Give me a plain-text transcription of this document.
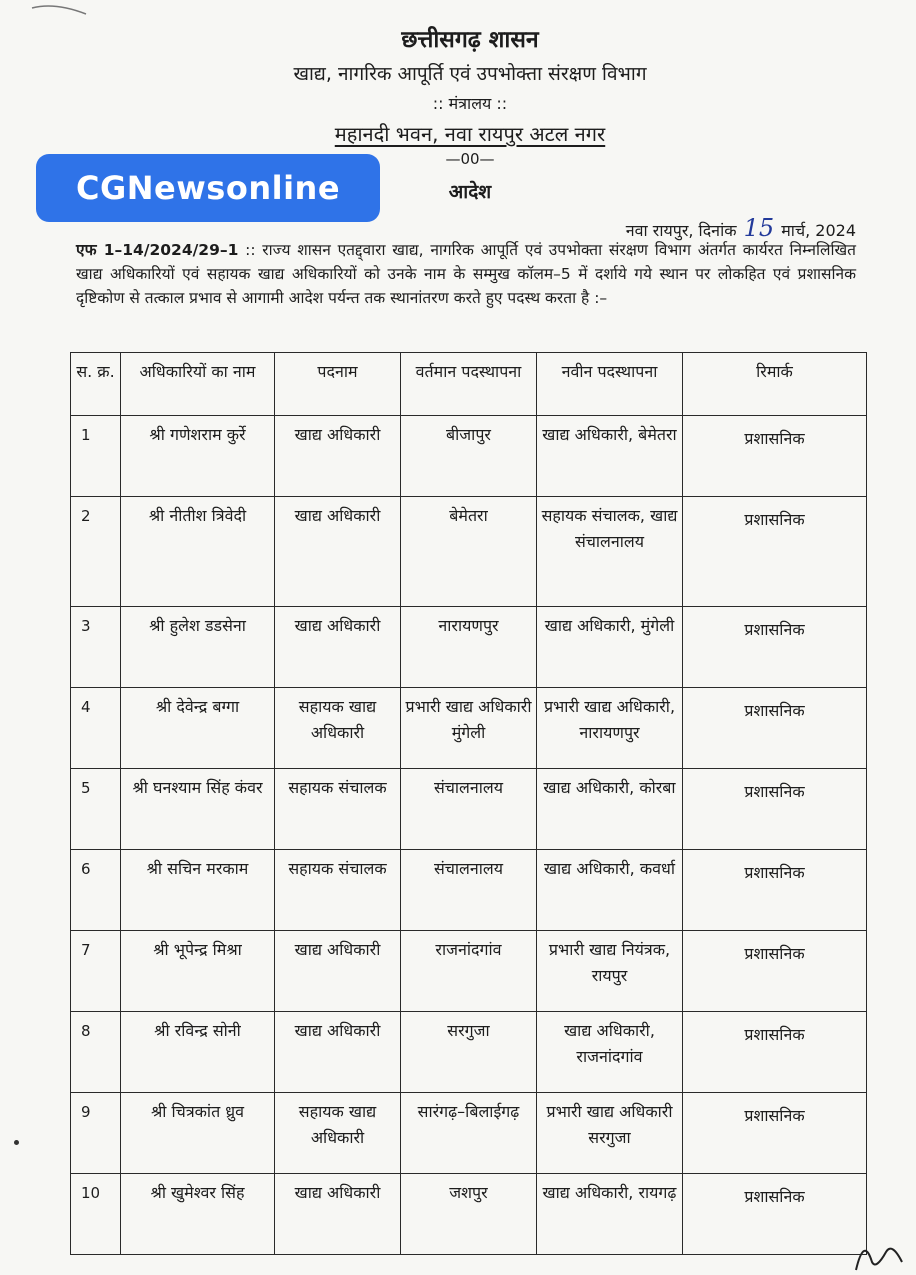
छत्तीसगढ़ शासन
खाद्य, नागरिक आपूर्ति एवं उपभोक्ता संरक्षण विभाग
:: मंत्रालय ::
महानदी भवन, नवा रायपुर अटल नगर
—00—
आदेश
CGNewsonline
नवा रायपुर, दिनांक 15 मार्च, 2024
एफ 1–14/2024/29–1 :: राज्य शासन एतद्द्वारा खाद्य, नागरिक आपूर्ति एवं उपभोक्ता संरक्षण विभाग अंतर्गत कार्यरत निम्नलिखित खाद्य अधिकारियों एवं सहायक खाद्य अधिकारियों को उनके नाम के सम्मुख कॉलम–5 में दर्शाये गये स्थान पर लोकहित एवं प्रशासनिक दृष्टिकोण से तत्काल प्रभाव से आगामी आदेश पर्यन्त तक स्थानांतरण करते हुए पदस्थ करता है :–
स. क्र.	अधिकारियों का नाम	पदनाम	वर्तमान पदस्थापना	नवीन पदस्थापना	रिमार्क
1	श्री गणेशराम कुर्रे	खाद्य अधिकारी	बीजापुर	खाद्य अधिकारी, बेमेतरा	प्रशासनिक
2	श्री नीतीश त्रिवेदी	खाद्य अधिकारी	बेमेतरा	सहायक संचालक, खाद्य संचालनालय	प्रशासनिक
3	श्री हुलेश डडसेना	खाद्य अधिकारी	नारायणपुर	खाद्य अधिकारी, मुंगेली	प्रशासनिक
4	श्री देवेन्द्र बग्गा	सहायक खाद्य अधिकारी	प्रभारी खाद्य अधिकारी मुंगेली	प्रभारी खाद्य अधिकारी, नारायणपुर	प्रशासनिक
5	श्री घनश्याम सिंह कंवर	सहायक संचालक	संचालनालय	खाद्य अधिकारी, कोरबा	प्रशासनिक
6	श्री सचिन मरकाम	सहायक संचालक	संचालनालय	खाद्य अधिकारी, कवर्धा	प्रशासनिक
7	श्री भूपेन्द्र मिश्रा	खाद्य अधिकारी	राजनांदगांव	प्रभारी खाद्य नियंत्रक, रायपुर	प्रशासनिक
8	श्री रविन्द्र सोनी	खाद्य अधिकारी	सरगुजा	खाद्य अधिकारी, राजनांदगांव	प्रशासनिक
9	श्री चित्रकांत ध्रुव	सहायक खाद्य अधिकारी	सारंगढ़–बिलाईगढ़	प्रभारी खाद्य अधिकारी सरगुजा	प्रशासनिक
10	श्री खुमेश्वर सिंह	खाद्य अधिकारी	जशपुर	खाद्य अधिकारी, रायगढ़	प्रशासनिक
